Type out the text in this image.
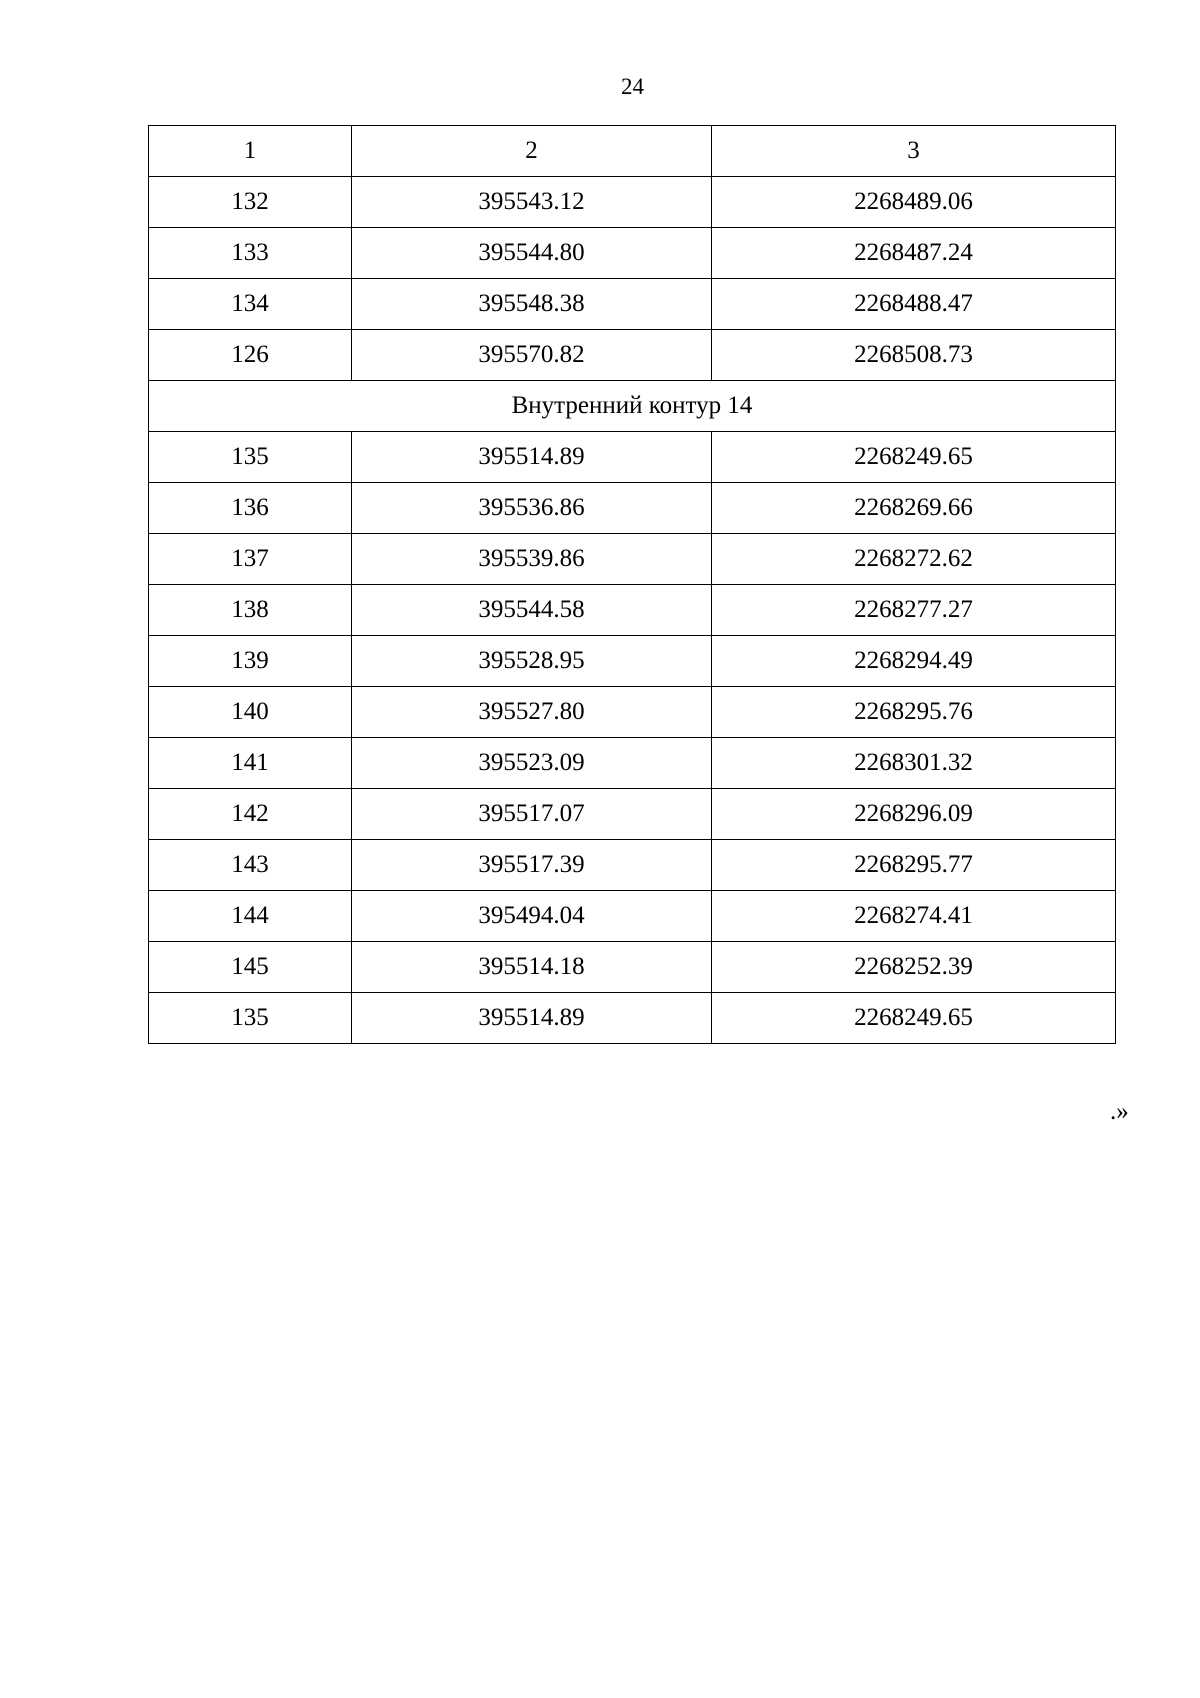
24
1	2	3
132	395543.12	2268489.06
133	395544.80	2268487.24
134	395548.38	2268488.47
126	395570.82	2268508.73
Внутренний контур 14		
135	395514.89	2268249.65
136	395536.86	2268269.66
137	395539.86	2268272.62
138	395544.58	2268277.27
139	395528.95	2268294.49
140	395527.80	2268295.76
141	395523.09	2268301.32
142	395517.07	2268296.09
143	395517.39	2268295.77
144	395494.04	2268274.41
145	395514.18	2268252.39
135	395514.89	2268249.65
.»
